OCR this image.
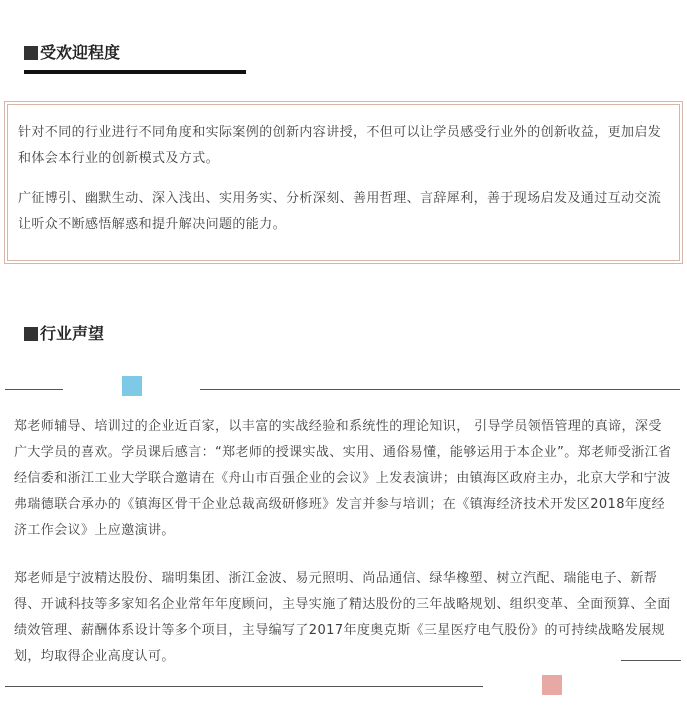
受欢迎程度

针对不同的行业进行不同角度和实际案例的创新内容讲授，不但可以让学员感受行业外的创新收益，更加启发和体会本行业的创新模式及方式。

广征博引、幽默生动、深入浅出、实用务实、分析深刻、善用哲理、言辞犀利，善于现场启发及通过互动交流让听众不断感悟解惑和提升解决问题的能力。

行业声望

郑老师辅导、培训过的企业近百家，以丰富的实战经验和系统性的理论知识， 引导学员领悟管理的真谛，深受广大学员的喜欢。学员课后感言：“郑老师的授课实战、实用、通俗易懂，能够运用于本企业”。郑老师受浙江省经信委和浙江工业大学联合邀请在《舟山市百强企业的会议》上发表演讲；由镇海区政府主办，北京大学和宁波弗瑞德联合承办的《镇海区骨干企业总裁高级研修班》发言并参与培训；在《镇海经济技术开发区2018年度经济工作会议》上应邀演讲。

郑老师是宁波精达股份、瑞明集团、浙江金波、易元照明、尚品通信、绿华橡塑、树立汽配、瑞能电子、新帮得、开诚科技等多家知名企业常年年度顾问，主导实施了精达股份的三年战略规划、组织变革、全面预算、全面绩效管理、薪酬体系设计等多个项目，主导编写了2017年度奥克斯《三星医疗电气股份》的可持续战略发展规划，均取得企业高度认可。
